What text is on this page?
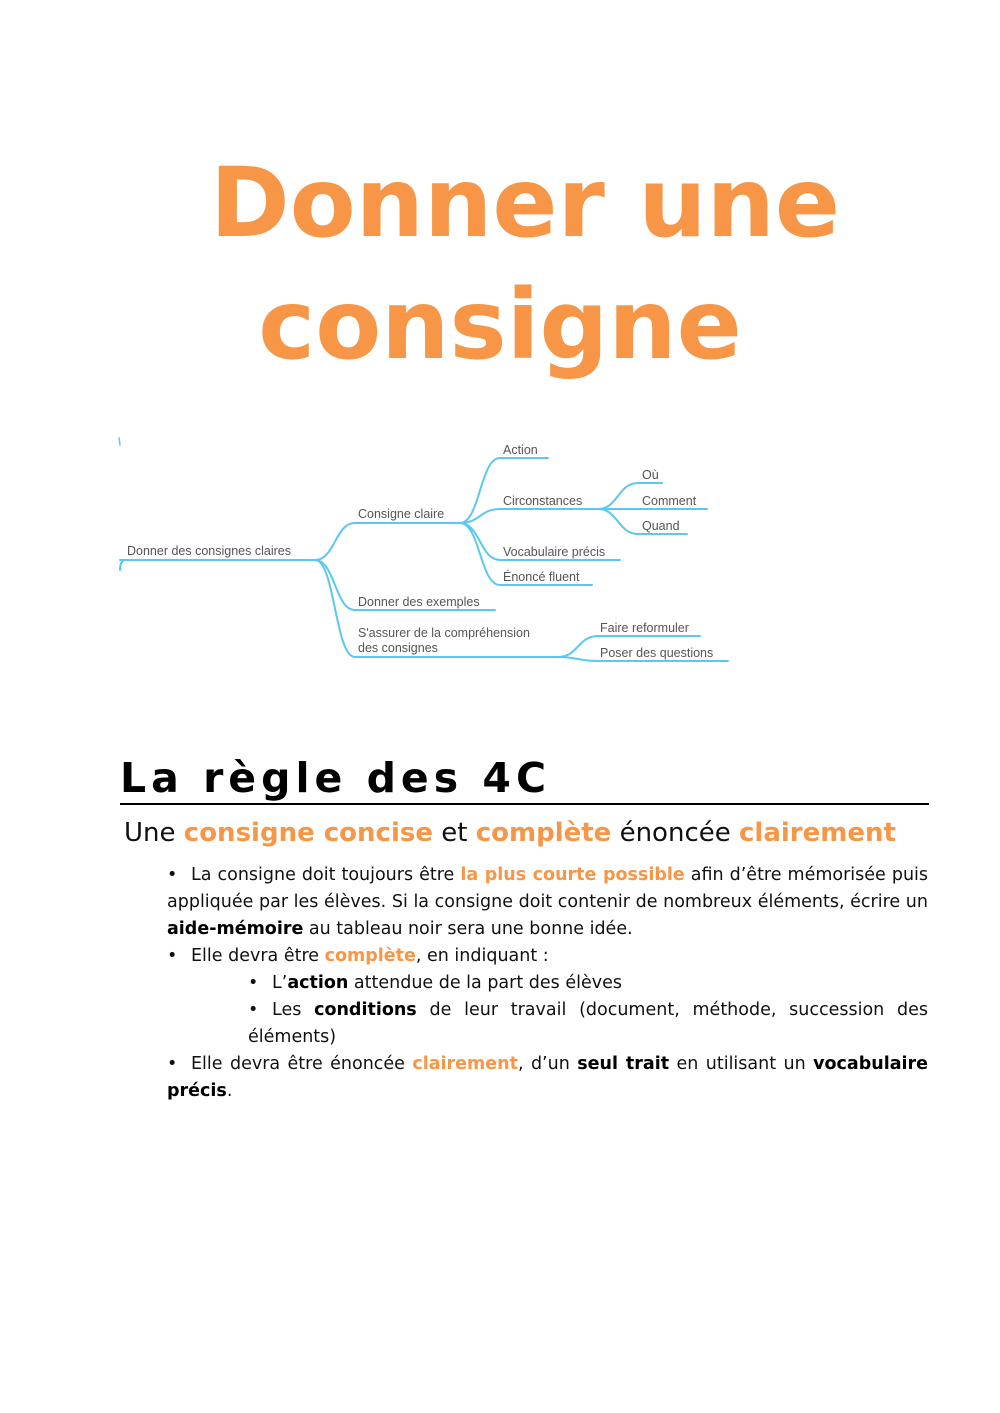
Donner une
consigne
Donner des consignes claires
Consigne claire
Action
Circonstances
Où
Comment
Quand
Vocabulaire précis
Énoncé fluent
Donner des exemples
S'assurer de la compréhension
des consignes
Faire reformuler
Poser des questions
La règle des 4C

Une consigne concise et complète énoncée clairement

• La consigne doit toujours être la plus courte possible afin d’être mémorisée puis appliquée par les élèves. Si la consigne doit contenir de nombreux éléments, écrire un aide-mémoire au tableau noir sera une bonne idée.

• Elle devra être complète, en indiquant :

• L’action attendue de la part des élèves

• Les conditions de leur travail (document, méthode, succession des éléments)

• Elle devra être énoncée clairement, d’un seul trait en utilisant un vocabulaire précis.
